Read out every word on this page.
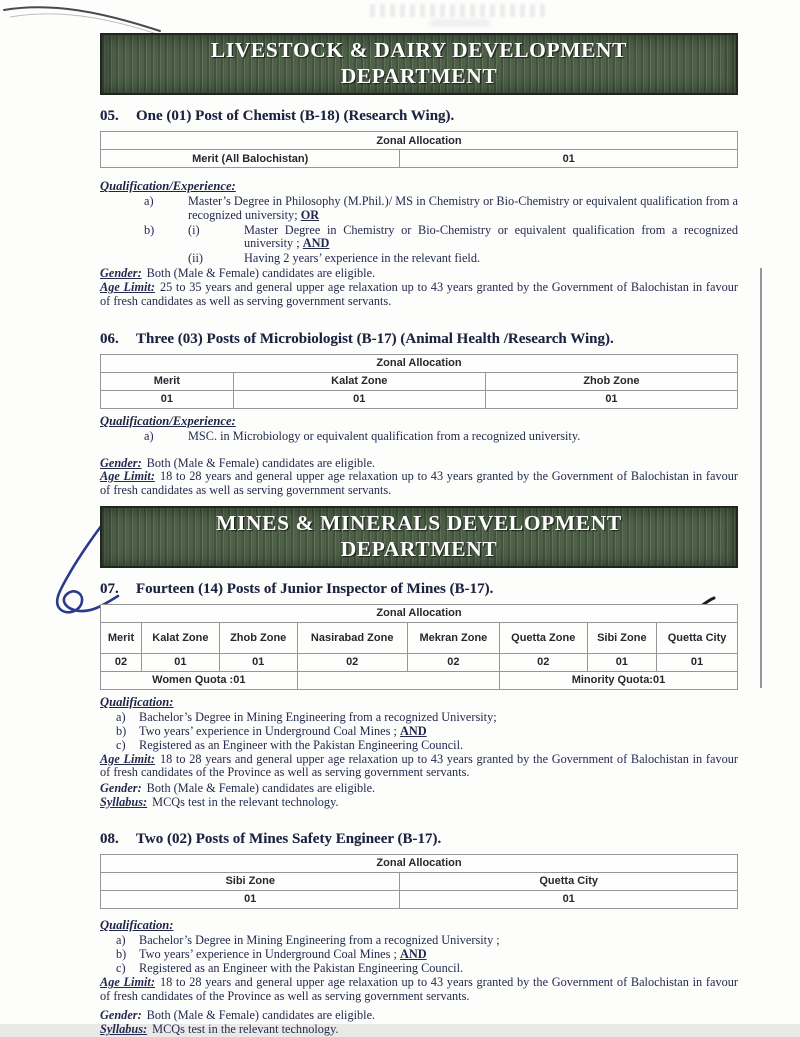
LIVESTOCK & DAIRY DEVELOPMENT
DEPARTMENT
05.	One (01) Post of Chemist (B-18) (Research Wing).
Zonal Allocation
Merit (All Balochistan)	01
Qualification/Experience:
a)	Master’s Degree in Philosophy (M.Phil.)/ MS in Chemistry or Bio-Chemistry or equivalent qualification from a recognized university; OR
b)	(i)	Master Degree in Chemistry or Bio-Chemistry or equivalent qualification from a recognized university ; AND
(ii)	Having 2 years’ experience in the relevant field.
Gender: Both (Male & Female) candidates are eligible.
Age Limit: 25 to 35 years and general upper age relaxation up to 43 years granted by the Government of Balochistan in favour of fresh candidates as well as serving government servants.
06.	Three (03) Posts of Microbiologist (B-17) (Animal Health /Research Wing).
Zonal Allocation		
Merit	Kalat Zone	Zhob Zone
01	01	01
Qualification/Experience:
a)	MSC. in Microbiology or equivalent qualification from a recognized university.
Gender: Both (Male & Female) candidates are eligible.
Age Limit: 18 to 28 years and general upper age relaxation up to 43 years granted by the Government of Balochistan in favour of fresh candidates as well as serving government servants.
MINES & MINERALS DEVELOPMENT
DEPARTMENT
07.	Fourteen (14) Posts of Junior Inspector of Mines (B-17).
Zonal Allocation							
Merit	Kalat Zone	Zhob Zone	Nasirabad Zone	Mekran Zone	Quetta Zone	Sibi Zone	Quetta City
02	01	01	02	02	02	01	01
Women Quota :01					Minority Quota:01		
Qualification:
a)	Bachelor’s Degree in Mining Engineering from a recognized University;
b)	Two years’ experience in Underground Coal Mines ; AND
c)	Registered as an Engineer with the Pakistan Engineering Council.
Age Limit: 18 to 28 years and general upper age relaxation up to 43 years granted by the Government of Balochistan in favour of fresh candidates of the Province as well as serving government servants.
Gender: Both (Male & Female) candidates are eligible.
Syllabus: MCQs test in the relevant technology.
08.	Two (02) Posts of Mines Safety Engineer (B-17).
Zonal Allocation	
Sibi Zone	Quetta City
01	01
Qualification:
a)	Bachelor’s Degree in Mining Engineering from a recognized University ;
b)	Two years’ experience in Underground Coal Mines ; AND
c)	Registered as an Engineer with the Pakistan Engineering Council.
Age Limit: 18 to 28 years and general upper age relaxation up to 43 years granted by the Government of Balochistan in favour of fresh candidates of the Province as well as serving government servants.
Gender: Both (Male & Female) candidates are eligible.
Syllabus: MCQs test in the relevant technology.
